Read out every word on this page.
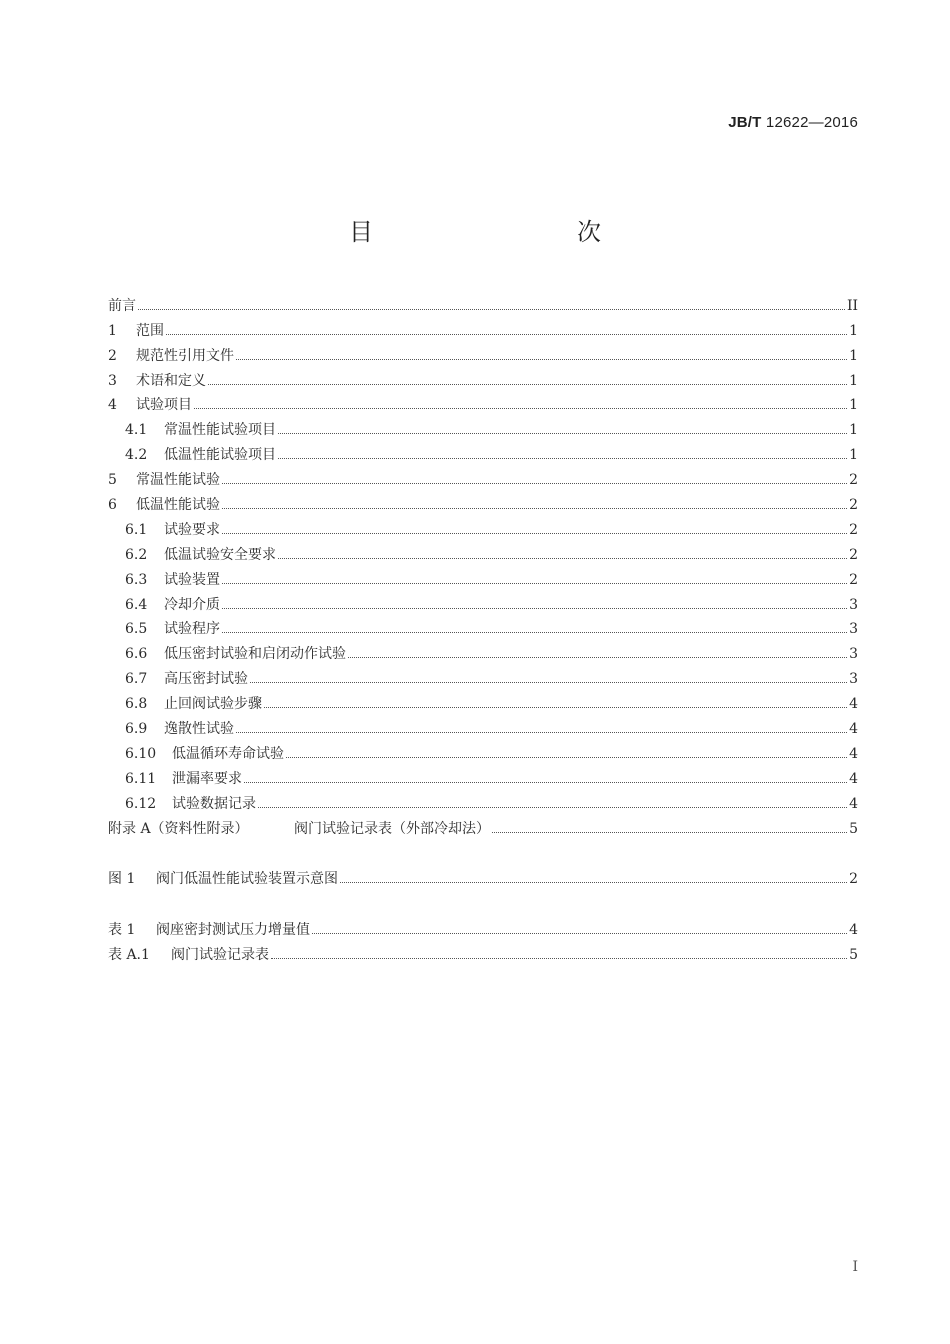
JB/T 12622—2016
目　　次
前言	II
1	范围	1
2	规范性引用文件	1
3	术语和定义	1
4	试验项目	1
4.1	常温性能试验项目	1
4.2	低温性能试验项目	1
5	常温性能试验	2
6	低温性能试验	2
6.1	试验要求	2
6.2	低温试验安全要求	2
6.3	试验装置	2
6.4	冷却介质	3
6.5	试验程序	3
6.6	低压密封试验和启闭动作试验	3
6.7	高压密封试验	3
6.8	止回阀试验步骤	4
6.9	逸散性试验	4
6.10	低温循环寿命试验	4
6.11	泄漏率要求	4
6.12	试验数据记录	4
附录 A（资料性附录）	阀门试验记录表（外部冷却法）	5
图 1	阀门低温性能试验装置示意图	2
表 1	阀座密封测试压力增量值	4
表 A.1	阀门试验记录表	5
I
